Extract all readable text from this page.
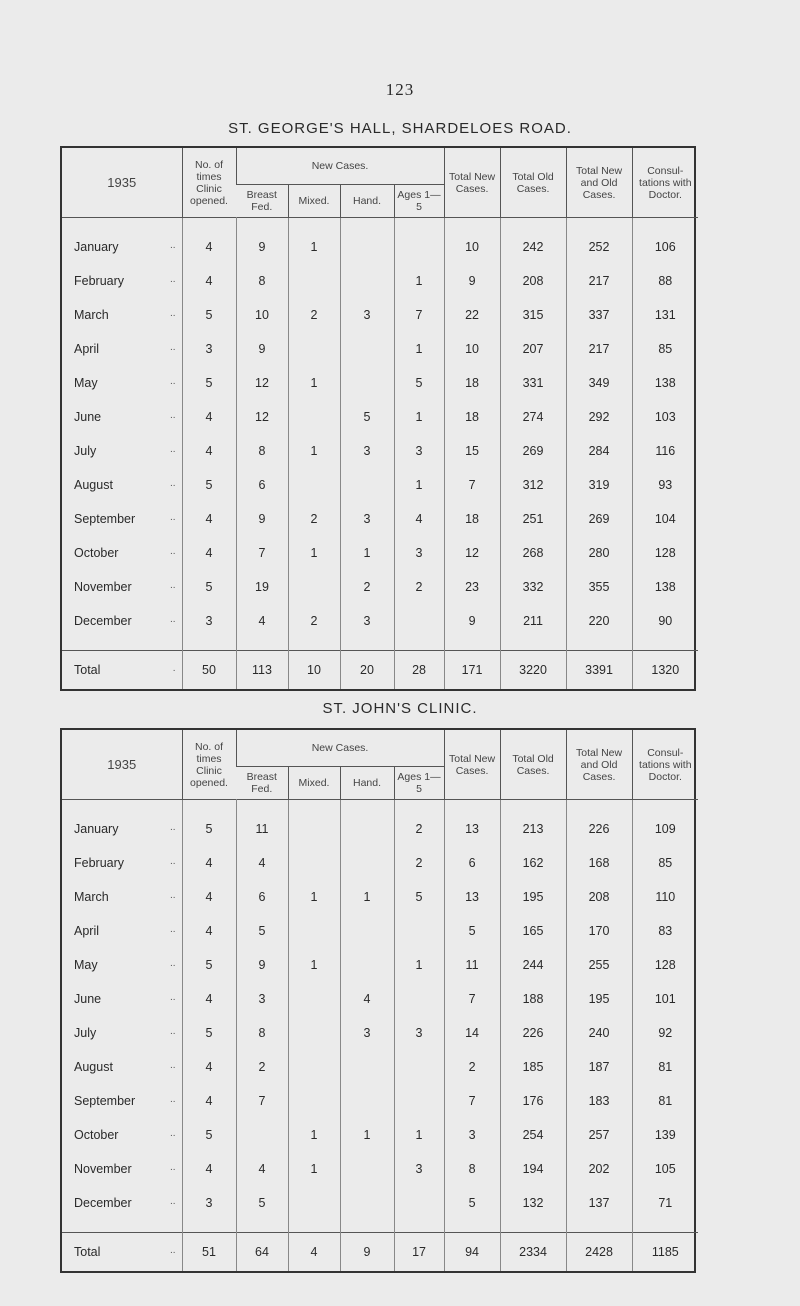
123
ST. GEORGE'S HALL, SHARDELOES ROAD.
1935	No. of times Clinic opened.	New Cases.				Total New Cases.	Total Old Cases.	Total New and Old Cases.	Consul- tations with Doctor.
		Breast Fed.	Mixed.	Hand.	Ages 1—5				

January ..	4	9	1			10	242	252	106
February ..	4	8			1	9	208	217	88
March ..	5	10	2	3	7	22	315	337	131
April ..	3	9			1	10	207	217	85
May ..	5	12	1		5	18	331	349	138
June ..	4	12		5	1	18	274	292	103
July ..	4	8	1	3	3	15	269	284	116
August ..	5	6			1	7	312	319	93
September ..	4	9	2	3	4	18	251	269	104
October ..	4	7	1	1	3	12	268	280	128
November ..	5	19		2	2	23	332	355	138
December ..	3	4	2	3		9	211	220	90

Total .	50	113	10	20	28	171	3220	3391	1320
ST. JOHN'S CLINIC.
1935	No. of times Clinic opened.	New Cases.				Total New Cases.	Total Old Cases.	Total New and Old Cases.	Consul- tations with Doctor.
		Breast Fed.	Mixed.	Hand.	Ages 1—5				

January ..	5	11			2	13	213	226	109
February ..	4	4			2	6	162	168	85
March ..	4	6	1	1	5	13	195	208	110
April ..	4	5				5	165	170	83
May ..	5	9	1		1	11	244	255	128
June ..	4	3		4		7	188	195	101
July ..	5	8		3	3	14	226	240	92
August ..	4	2				2	185	187	81
September ..	4	7				7	176	183	81
October ..	5		1	1	1	3	254	257	139
November ..	4	4	1		3	8	194	202	105
December ..	3	5				5	132	137	71

Total ..	51	64	4	9	17	94	2334	2428	1185
